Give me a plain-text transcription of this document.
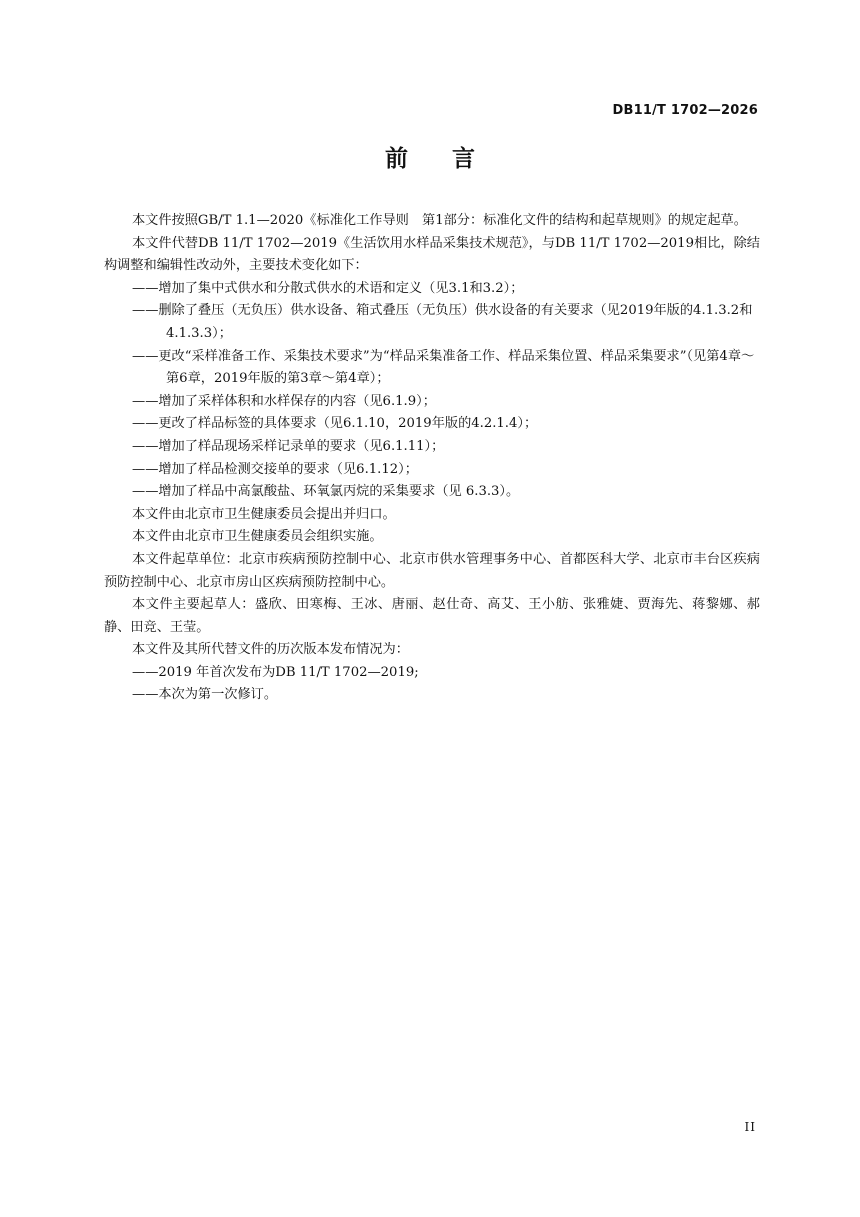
DB11/T 1702—2026
前 言

本文件按照GB/T 1.1—2020《标准化工作导则　第1部分：标准化文件的结构和起草规则》的规定起草。

本文件代替DB 11/T 1702—2019《生活饮用水样品采集技术规范》，与DB 11/T 1702—2019相比，除结构调整和编辑性改动外，主要技术变化如下：

——增加了集中式供水和分散式供水的术语和定义（见3.1和3.2）；

——删除了叠压（无负压）供水设备、箱式叠压（无负压）供水设备的有关要求（见2019年版的4.1.3.2和4.1.3.3）；

——更改“采样准备工作、采集技术要求”为“样品采集准备工作、样品采集位置、样品采集要求”（见第4章～第6章，2019年版的第3章～第4章）；

——增加了采样体积和水样保存的内容（见6.1.9）；

——更改了样品标签的具体要求（见6.1.10，2019年版的4.2.1.4）；

——增加了样品现场采样记录单的要求（见6.1.11）；

——增加了样品检测交接单的要求（见6.1.12）；

——增加了样品中高氯酸盐、环氧氯丙烷的采集要求（见 6.3.3）。

本文件由北京市卫生健康委员会提出并归口。

本文件由北京市卫生健康委员会组织实施。

本文件起草单位：北京市疾病预防控制中心、北京市供水管理事务中心、首都医科大学、北京市丰台区疾病预防控制中心、北京市房山区疾病预防控制中心。

本文件主要起草人：盛欣、田寒梅、王冰、唐丽、赵仕奇、高艾、王小舫、张雅婕、贾海先、蒋黎娜、郝静、田竞、王莹。

本文件及其所代替文件的历次版本发布情况为：

——2019 年首次发布为DB 11/T 1702—2019;

——本次为第一次修订。

II
